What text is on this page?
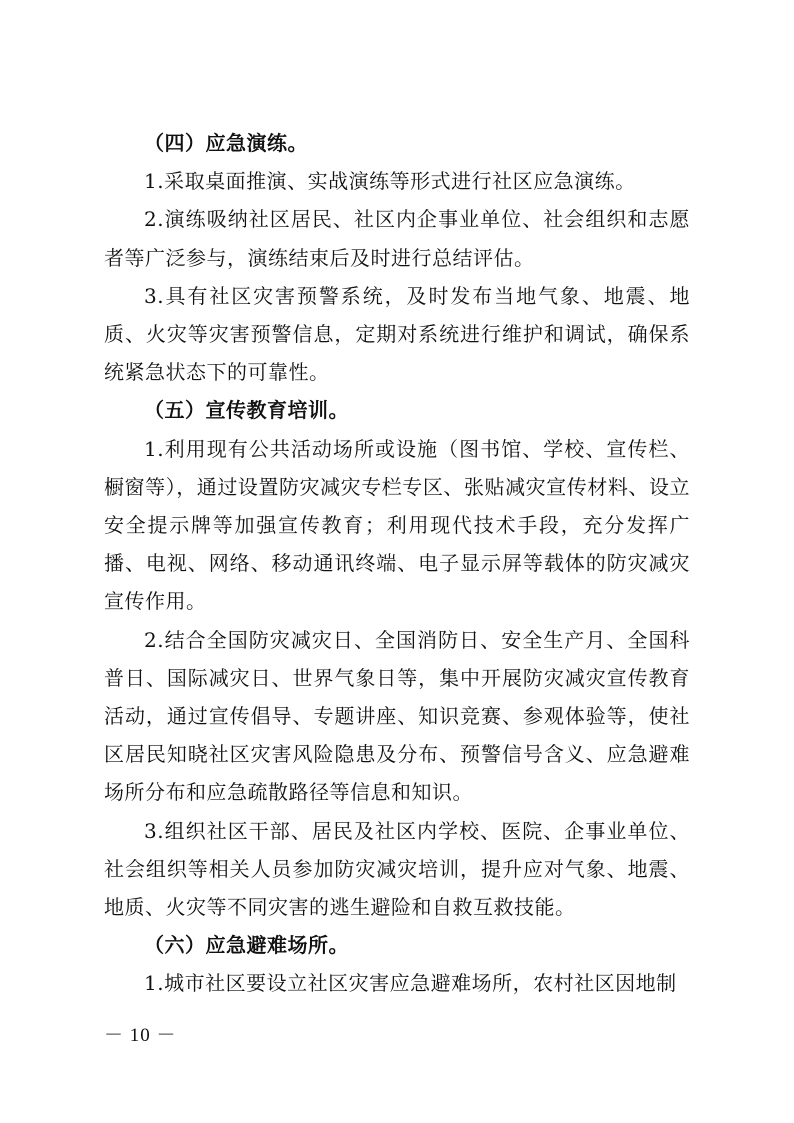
（四）应急演练。

1.采取桌面推演、实战演练等形式进行社区应急演练。

2.演练吸纳社区居民、社区内企事业单位、社会组织和志愿者等广泛参与，演练结束后及时进行总结评估。

3.具有社区灾害预警系统，及时发布当地气象、地震、地质、火灾等灾害预警信息，定期对系统进行维护和调试，确保系统紧急状态下的可靠性。

（五）宣传教育培训。

1.利用现有公共活动场所或设施（图书馆、学校、宣传栏、橱窗等），通过设置防灾减灾专栏专区、张贴减灾宣传材料、设立安全提示牌等加强宣传教育；利用现代技术手段，充分发挥广播、电视、网络、移动通讯终端、电子显示屏等载体的防灾减灾宣传作用。

2.结合全国防灾减灾日、全国消防日、安全生产月、全国科普日、国际减灾日、世界气象日等，集中开展防灾减灾宣传教育活动，通过宣传倡导、专题讲座、知识竞赛、参观体验等，使社区居民知晓社区灾害风险隐患及分布、预警信号含义、应急避难场所分布和应急疏散路径等信息和知识。

3.组织社区干部、居民及社区内学校、医院、企事业单位、社会组织等相关人员参加防灾减灾培训，提升应对气象、地震、地质、火灾等不同灾害的逃生避险和自救互救技能。

（六）应急避难场所。

1.城市社区要设立社区灾害应急避难场所，农村社区因地制

－ 10 －
